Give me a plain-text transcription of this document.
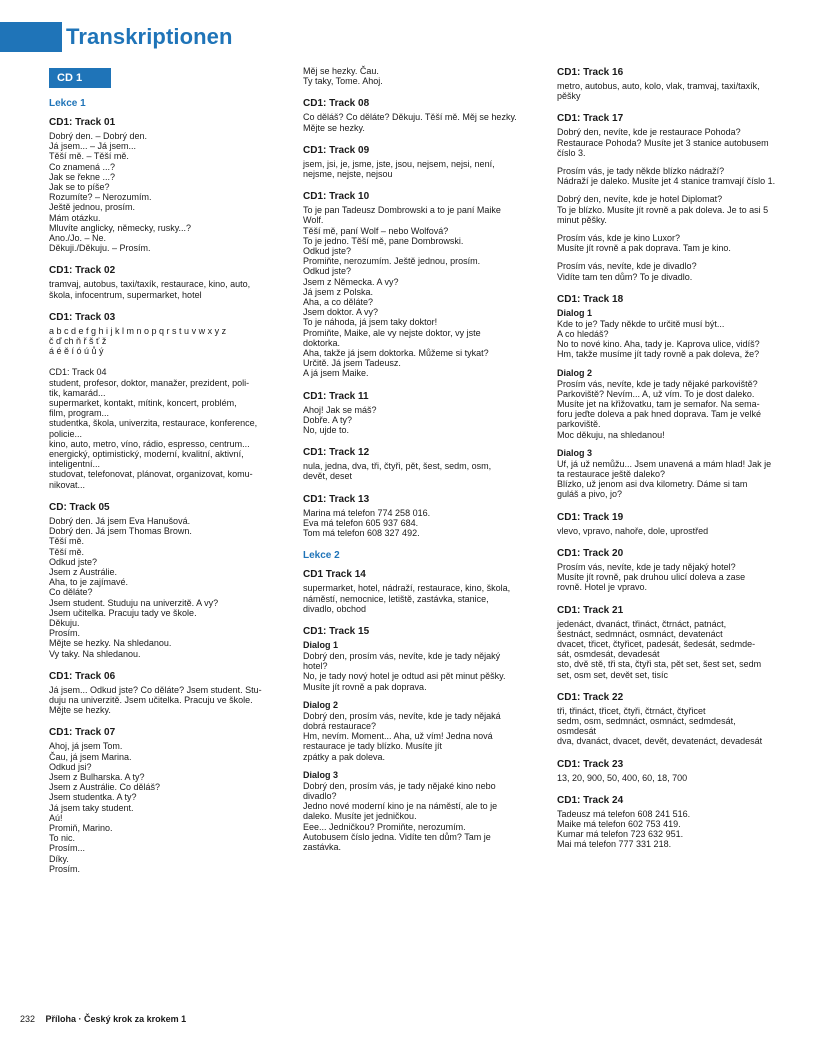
Transkriptionen
CD 1
Lekce 1
CD1: Track 01
Dobrý den. – Dobrý den.
Já jsem... – Já jsem...
Těší mě. – Těší mě.
Co znamená ...?
Jak se řekne ...?
Jak se to píše?
Rozumíte? – Nerozumím.
Ještě jednou, prosím.
Mám otázku.
Mluvíte anglicky, německy, rusky...?
Ano./Jo. – Ne.
Děkuji./Děkuju. – Prosím.
CD1: Track 02
tramvaj, autobus, taxi/taxík, restaurace, kino, auto,
škola, infocentrum, supermarket, hotel
CD1: Track 03
a b c d e f g h i j k l m n o p q r s t u v w x y z
č ď ch ň ř š ť ž
á é ě í ó ú ů ý
CD1: Track 04
student, profesor, doktor, manažer, prezident, poli-
tik, kamarád...
supermarket, kontakt, mítink, koncert, problém,
film, program...
studentka, škola, univerzita, restaurace, konference,
policie...
kino, auto, metro, víno, rádio, espresso, centrum...
energický, optimistický, moderní, kvalitní, aktivní,
inteligentní...
studovat, telefonovat, plánovat, organizovat, komu-
nikovat...
CD: Track 05
Dobrý den. Já jsem Eva Hanušová.
Dobrý den. Já jsem Thomas Brown.
Těší mě.
Těší mě.
Odkud jste?
Jsem z Austrálie.
Aha, to je zajímavé.
Co děláte?
Jsem student. Studuju na univerzitě. A vy?
Jsem učitelka. Pracuju tady ve škole.
Děkuju.
Prosím.
Mějte se hezky. Na shledanou.
Vy taky. Na shledanou.
CD1: Track 06
Já jsem... Odkud jste? Co děláte? Jsem student. Stu-
duju na univerzitě. Jsem učitelka. Pracuju ve škole.
Mějte se hezky.
CD1: Track 07
Ahoj, já jsem Tom.
Čau, já jsem Marina.
Odkud jsi?
Jsem z Bulharska. A ty?
Jsem z Austrálie. Co děláš?
Jsem studentka. A ty?
Já jsem taky student.
Aú!
Promiň, Marino.
To nic.
Prosím...
Díky.
Prosím.
Měj se hezky. Čau.
Ty taky, Tome. Ahoj.
CD1: Track 08
Co děláš? Co děláte? Děkuju. Těší mě. Měj se hezky.
Mějte se hezky.
CD1: Track 09
jsem, jsi, je, jsme, jste, jsou, nejsem, nejsi, není,
nejsme, nejste, nejsou
CD1: Track 10
To je pan Tadeusz Dombrowski a to je paní Maike
Wolf.
Těší mě, paní Wolf – nebo Wolfová?
To je jedno. Těší mě, pane Dombrowski.
Odkud jste?
Promiňte, nerozumím. Ještě jednou, prosím.
Odkud jste?
Jsem z Německa. A vy?
Já jsem z Polska.
Aha, a co děláte?
Jsem doktor. A vy?
To je náhoda, já jsem taky doktor!
Promiňte, Maike, ale vy nejste doktor, vy jste
doktorka.
Aha, takže já jsem doktorka. Můžeme si tykat?
Určitě. Já jsem Tadeusz.
A já jsem Maike.
CD1: Track 11
Ahoj! Jak se máš?
Dobře. A ty?
No, ujde to.
CD1: Track 12
nula, jedna, dva, tři, čtyři, pět, šest, sedm, osm,
devět, deset
CD1: Track 13
Marina má telefon 774 258 016.
Eva má telefon 605 937 684.
Tom má telefon 608 327 492.
Lekce 2
CD1 Track 14
supermarket, hotel, nádraží, restaurace, kino, škola,
náměstí, nemocnice, letiště, zastávka, stanice,
divadlo, obchod
CD1: Track 15
Dialog 1
Dobrý den, prosím vás, nevíte, kde je tady nějaký
hotel?
No, je tady nový hotel je odtud asi pět minut pěšky.
Musíte jít rovně a pak doprava.
Dialog 2
Dobrý den, prosím vás, nevíte, kde je tady nějaká
dobrá restaurace?
Hm, nevím. Moment... Aha, už vím! Jedna nová
restaurace je tady blízko. Musíte jít
zpátky a pak doleva.
Dialog 3
Dobrý den, prosím vás, je tady nějaké kino nebo
divadlo?
Jedno nové moderní kino je na náměstí, ale to je
daleko. Musíte jet jedničkou.
Eee... Jedničkou? Promiňte, nerozumím.
Autobusem číslo jedna. Vidíte ten dům? Tam je
zastávka.
CD1: Track 16
metro, autobus, auto, kolo, vlak, tramvaj, taxi/taxík,
pěšky
CD1: Track 17
Dobrý den, nevíte, kde je restaurace Pohoda?
Restaurace Pohoda? Musíte jet 3 stanice autobusem
číslo 3.
Prosím vás, je tady někde blízko nádraží?
Nádraží je daleko. Musíte jet 4 stanice tramvají číslo 1.
Dobrý den, nevíte, kde je hotel Diplomat?
To je blízko. Musíte jít rovně a pak doleva. Je to asi 5
minut pěšky.
Prosím vás, kde je kino Luxor?
Musíte jít rovně a pak doprava. Tam je kino.
Prosím vás, nevíte, kde je divadlo?
Vidíte tam ten dům? To je divadlo.
CD1: Track 18
Dialog 1
Kde to je? Tady někde to určitě musí být...
A co hledáš?
No to nové kino. Aha, tady je. Kaprova ulice, vidíš?
Hm, takže musíme jít tady rovně a pak doleva, že?
Dialog 2
Prosím vás, nevíte, kde je tady nějaké parkoviště?
Parkoviště? Nevím... A, už vím. To je dost daleko.
Musíte jet na křižovatku, tam je semafor. Na sema-
foru jeďte doleva a pak hned doprava. Tam je velké
parkoviště.
Moc děkuju, na shledanou!
Dialog 3
Uf, já už nemůžu... Jsem unavená a mám hlad! Jak je
ta restaurace ještě daleko?
Blízko, už jenom asi dva kilometry. Dáme si tam
guláš a pivo, jo?
CD1: Track 19
vlevo, vpravo, nahoře, dole, uprostřed
CD1: Track 20
Prosím vás, nevíte, kde je tady nějaký hotel?
Musíte jít rovně, pak druhou ulicí doleva a zase
rovně. Hotel je vpravo.
CD1: Track 21
jedenáct, dvanáct, třináct, čtrnáct, patnáct,
šestnáct, sedmnáct, osmnáct, devatenáct
dvacet, třicet, čtyřicet, padesát, šedesát, sedmde-
sát, osmdesát, devadesát
sto, dvě stě, tři sta, čtyři sta, pět set, šest set, sedm
set, osm set, devět set, tisíc
CD1: Track 22
tři, třináct, třicet, čtyři, čtrnáct, čtyřicet
sedm, osm, sedmnáct, osmnáct, sedmdesát,
osmdesát
dva, dvanáct, dvacet, devět, devatenáct, devadesát
CD1: Track 23
13, 20, 900, 50, 400, 60, 18, 700
CD1: Track 24
Tadeusz má telefon 608 241 516.
Maike má telefon 602 753 419.
Kumar má telefon 723 632 951.
Mai má telefon 777 331 218.
232 Příloha · Český krok za krokem 1
